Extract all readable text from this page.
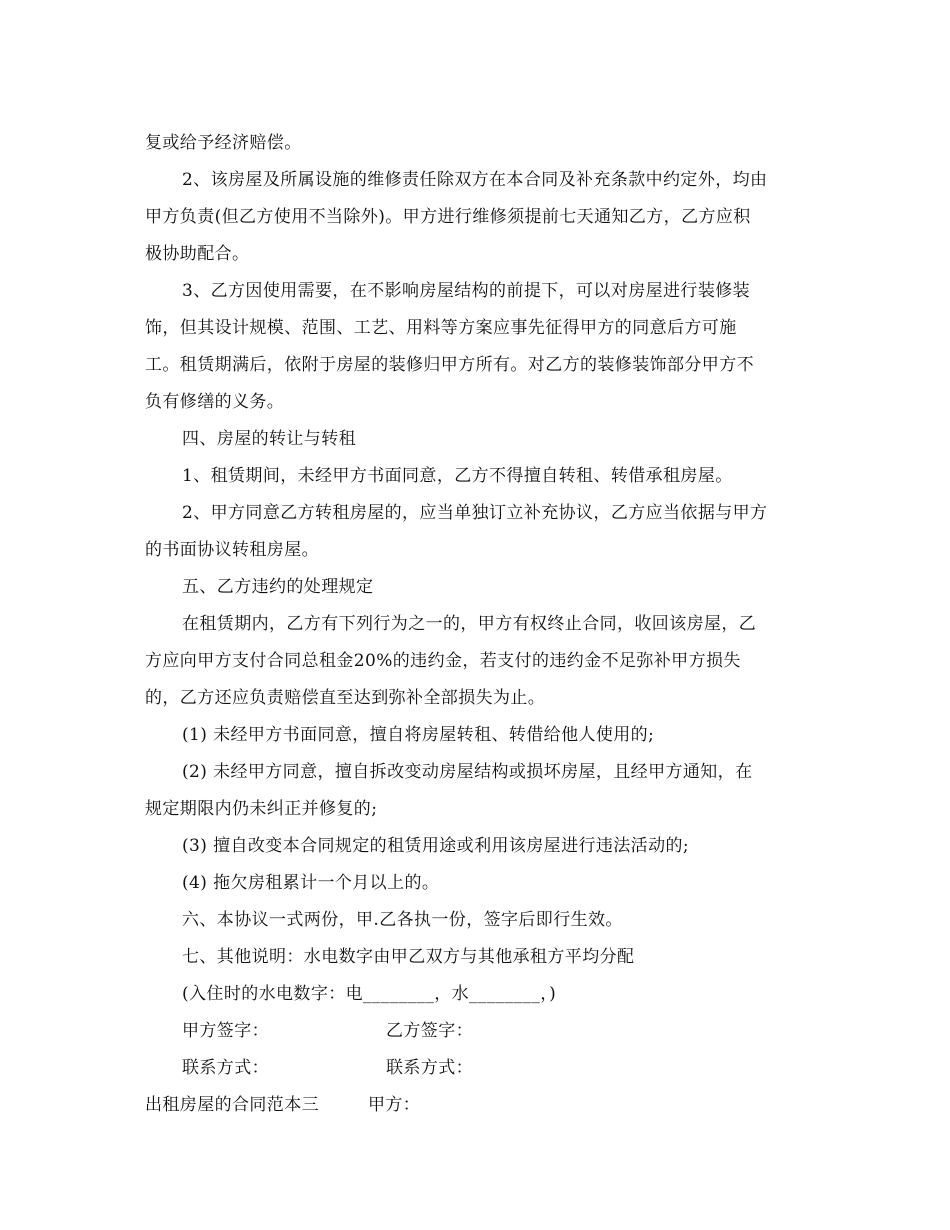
复或给予经济赔偿。
2、该房屋及所属设施的维修责任除双方在本合同及补充条款中约定外，均由
甲方负责(但乙方使用不当除外)。甲方进行维修须提前七天通知乙方，乙方应积
极协助配合。
3、乙方因使用需要，在不影响房屋结构的前提下，可以对房屋进行装修装
饰，但其设计规模、范围、工艺、用料等方案应事先征得甲方的同意后方可施
工。租赁期满后，依附于房屋的装修归甲方所有。对乙方的装修装饰部分甲方不
负有修缮的义务。
四、房屋的转让与转租
1、租赁期间，未经甲方书面同意，乙方不得擅自转租、转借承租房屋。
2、甲方同意乙方转租房屋的，应当单独订立补充协议，乙方应当依据与甲方
的书面协议转租房屋。
五、乙方违约的处理规定
在租赁期内，乙方有下列行为之一的，甲方有权终止合同，收回该房屋，乙
方应向甲方支付合同总租金20%的违约金，若支付的违约金不足弥补甲方损失
的，乙方还应负责赔偿直至达到弥补全部损失为止。
(1) 未经甲方书面同意，擅自将房屋转租、转借给他人使用的;
(2) 未经甲方同意，擅自拆改变动房屋结构或损坏房屋，且经甲方通知，在
规定期限内仍未纠正并修复的;
(3) 擅自改变本合同规定的租赁用途或利用该房屋进行违法活动的;
(4) 拖欠房租累计一个月以上的。
六、本协议一式两份，甲.乙各执一份，签字后即行生效。
七、其他说明：水电数字由甲乙双方与其他承租方平均分配
(入住时的水电数字：电________，水________，)
甲方签字：	乙方签字：
联系方式：	联系方式：
出租房屋的合同范本三	甲方：
